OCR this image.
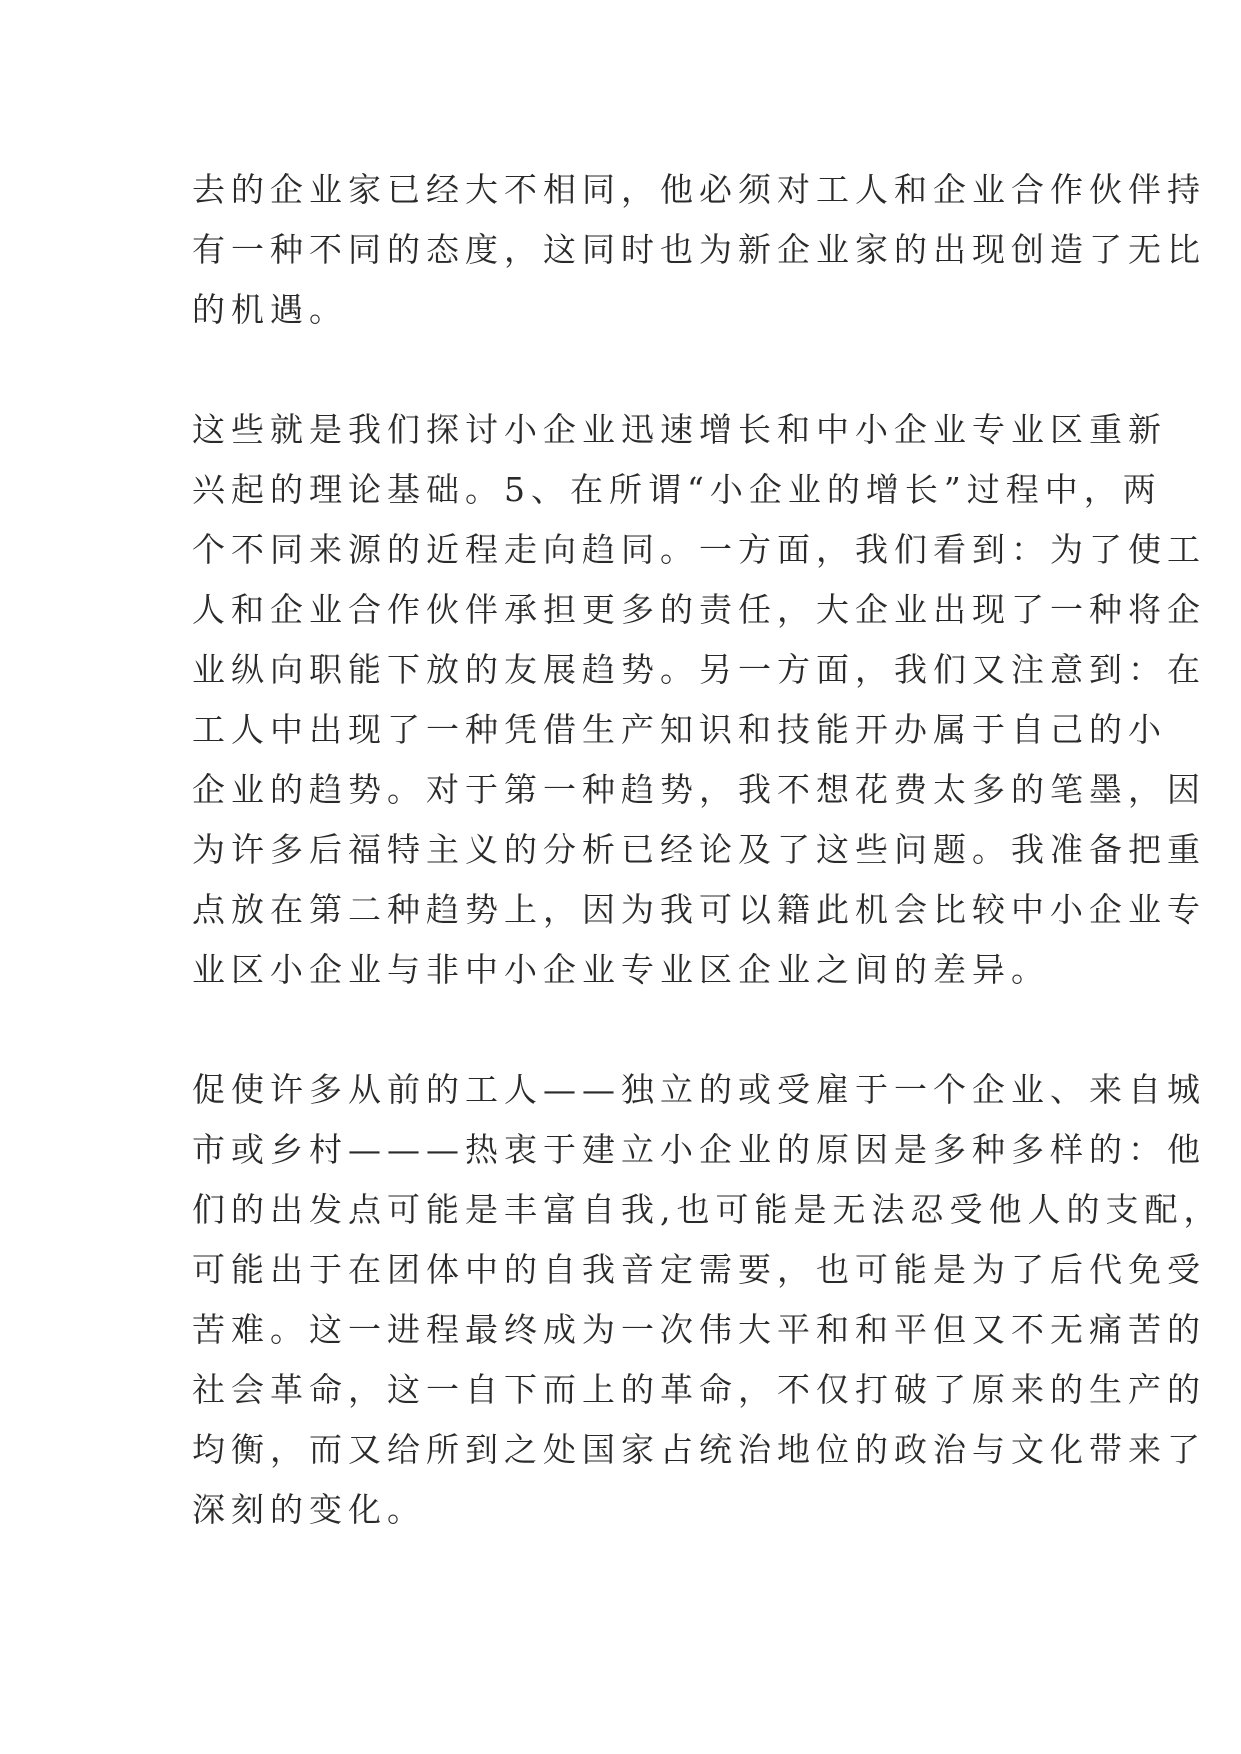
去的企业家已经大不相同，他必须对工人和企业合作伙伴持
有一种不同的态度，这同时也为新企业家的出现创造了无比
的机遇。

这些就是我们探讨小企业迅速增长和中小企业专业区重新
兴起的理论基础。5、在所谓“小企业的增长”过程中，两
个不同来源的近程走向趋同。一方面，我们看到：为了使工
人和企业合作伙伴承担更多的责任，大企业出现了一种将企
业纵向职能下放的友展趋势。另一方面，我们又注意到：在
工人中出现了一种凭借生产知识和技能开办属于自己的小
企业的趋势。对于第一种趋势，我不想花费太多的笔墨，因
为许多后福特主义的分析已经论及了这些问题。我准备把重
点放在第二种趋势上，因为我可以籍此机会比较中小企业专
业区小企业与非中小企业专业区企业之间的差异。

促使许多从前的工人——独立的或受雇于一个企业、来自城
市或乡村———热衷于建立小企业的原因是多种多样的：他
们的出发点可能是丰富自我,也可能是无法忍受他人的支配，
可能出于在团体中的自我音定需要，也可能是为了后代免受
苦难。这一进程最终成为一次伟大平和和平但又不无痛苦的
社会革命，这一自下而上的革命，不仅打破了原来的生产的
均衡，而又给所到之处国家占统治地位的政治与文化带来了
深刻的变化。
